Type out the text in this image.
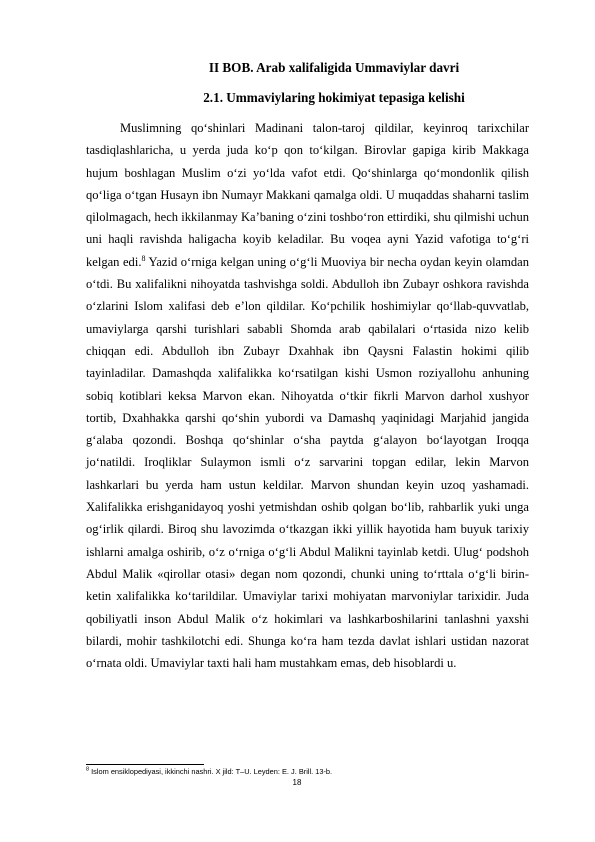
II BOB. Arab xalifaligida Ummaviylar davri
2.1. Ummaviylaring hokimiyat tepasiga kelishi

Muslimning qo‘shinlari Madinani talon-taroj qildilar, keyinroq tarixchilar tasdiqlashlaricha, u yerda juda ko‘p qon to‘kilgan. Birovlar gapiga kirib Makkaga hujum boshlagan Muslim o‘zi yo‘lda vafot etdi. Qo‘shinlarga qo‘mondonlik qilish qo‘liga o‘tgan Husayn ibn Numayr Makkani qamalga oldi. U muqaddas shaharni taslim qilolmagach, hech ikkilanmay Ka’baning o‘zini toshbo‘ron ettirdiki, shu qilmishi uchun uni haqli ravishda haligacha koyib keladilar. Bu voqea ayni Yazid vafotiga to‘g‘ri kelgan edi.$^8$ Yazid o‘rniga kelgan uning o‘g‘li Muoviya bir necha oydan keyin olamdan o‘tdi. Bu xalifalikni nihoyatda tashvishga soldi. Abdulloh ibn Zubayr oshkora ravishda o‘zlarini Islom xalifasi deb e’lon qildilar. Ko‘pchilik hoshimiylar qo‘llab-quvvatlab, umaviylarga qarshi turishlari sababli Shomda arab qabilalari o‘rtasida nizo kelib chiqqan edi. Abdulloh ibn Zubayr Dxahhak ibn Qaysni Falastin hokimi qilib tayinladilar. Damashqda xalifalikka ko‘rsatilgan kishi Usmon roziyallohu anhuning sobiq kotiblari keksa Marvon ekan. Nihoyatda o‘tkir fikrli Marvon darhol xushyor tortib, Dxahhakka qarshi qo‘shin yubordi va Damashq yaqinidagi Marjahid jangida g‘alaba qozondi. Boshqa qo‘shinlar o‘sha paytda g‘alayon bo‘layotgan Iroqqa jo‘natildi. Iroqliklar Sulaymon ismli o‘z sarvarini topgan edilar, lekin Marvon lashkarlari bu yerda ham ustun keldilar. Marvon shundan keyin uzoq yashamadi. Xalifalikka erishganidayoq yoshi yetmishdan oshib qolgan bo‘lib, rahbarlik yuki unga og‘irlik qilardi. Biroq shu lavozimda o‘tkazgan ikki yillik hayotida ham buyuk tarixiy ishlarni amalga oshirib, o‘z o‘rniga o‘g‘li Abdul Malikni tayinlab ketdi. Ulug‘ podshoh Abdul Malik «qirollar otasi» degan nom qozondi, chunki uning to‘rttala o‘g‘li birin-ketin xalifalikka ko‘tarildilar. Umaviylar tarixi mohiyatan marvoniylar tarixidir. Juda qobiliyatli inson Abdul Malik o‘z hokimlari va lashkarboshilarini tanlashni yaxshi bilardi, mohir tashkilotchi edi. Shunga ko‘ra ham tezda davlat ishlari ustidan nazorat o‘rnata oldi. Umaviylar taxti hali ham mustahkam emas, deb hisoblardi u.

$^8$ Islom ensiklopediyasi, ikkinchi nashri. X jild: T–U. Leyden: E. J. Brill. 13-b.

18
